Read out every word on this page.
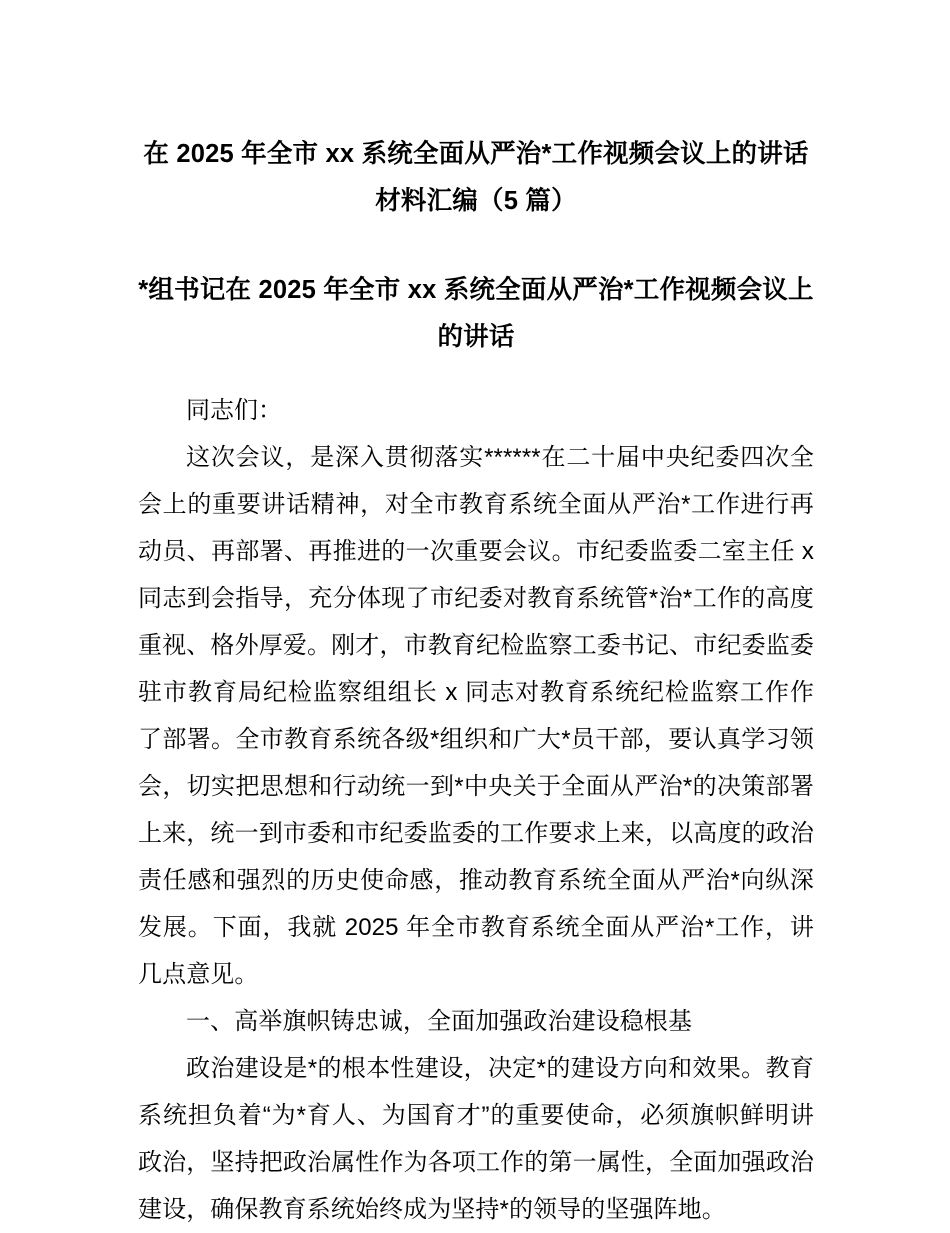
在 2025 年全市 xx 系统全面从严治*工作视频会议上的讲话材料汇编（5 篇）
*组书记在 2025 年全市 xx 系统全面从严治*工作视频会议上的讲话

同志们：

这次会议，是深入贯彻落实******在二十届中央纪委四次全会上的重要讲话精神，对全市教育系统全面从严治*工作进行再动员、再部署、再推进的一次重要会议。市纪委监委二室主任 x 同志到会指导，充分体现了市纪委对教育系统管*治*工作的高度重视、格外厚爱。刚才，市教育纪检监察工委书记、市纪委监委驻市教育局纪检监察组组长 x 同志对教育系统纪检监察工作作了部署。全市教育系统各级*组织和广大*员干部，要认真学习领会，切实把思想和行动统一到*中央关于全面从严治*的决策部署上来，统一到市委和市纪委监委的工作要求上来，以高度的政治责任感和强烈的历史使命感，推动教育系统全面从严治*向纵深发展。下面，我就 2025 年全市教育系统全面从严治*工作，讲几点意见。

一、高举旗帜铸忠诚，全面加强政治建设稳根基

政治建设是*的根本性建设，决定*的建设方向和效果。教育系统担负着“为*育人、为国育才”的重要使命，必须旗帜鲜明讲政治，坚持把政治属性作为各项工作的第一属性，全面加强政治建设，确保教育系统始终成为坚持*的领导的坚强阵地。
